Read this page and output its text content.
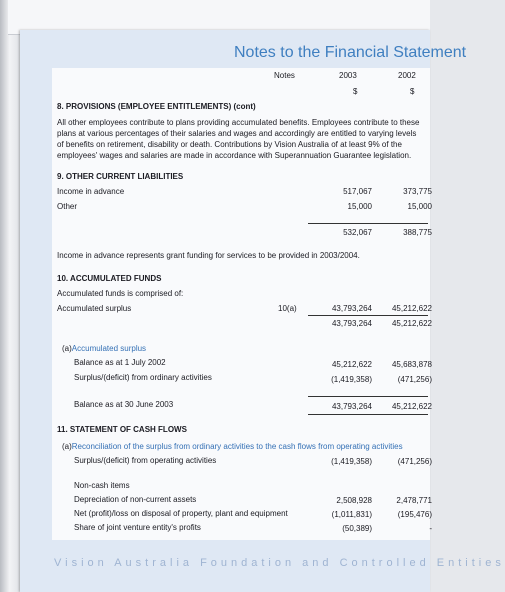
Notes to the Financial Statement
Notes	2003	2002
$	$
8. PROVISIONS (EMPLOYEE ENTITLEMENTS) (cont)
All other employees contribute to plans providing accumulated benefits. Employees contribute to these plans at various percentages of their salaries and wages and accordingly are entitled to varying levels of benefits on retirement, disability or death. Contributions by Vision Australia of at least 9% of the employees' wages and salaries are made in accordance with Superannuation Guarantee legislation.
9. OTHER CURRENT LIABILITIES
Income in advance	517,067	373,775
Other	15,000	15,000
532,067	388,775
Income in advance represents grant funding for services to be provided in 2003/2004.
10. ACCUMULATED FUNDS
Accumulated funds is comprised of:
Accumulated surplus	10(a)	43,793,264	45,212,622
43,793,264	45,212,622
(a)Accumulated surplus
Balance as at 1 July 2002	45,212,622	45,683,878
Surplus/(deficit) from ordinary activities	(1,419,358)	(471,256)
Balance as at 30 June 2003	43,793,264	45,212,622
11. STATEMENT OF CASH FLOWS
(a)Reconciliation of the surplus from ordinary activities to the cash flows from operating activities
Surplus/(deficit) from operating activities	(1,419,358)	(471,256)
Non-cash items
Depreciation of non-current assets	2,508,928	2,478,771
Net (profit)/loss on disposal of property, plant and equipment	(1,011,831)	(195,476)
Share of joint venture entity's profits	(50,389)	-
Vision Australia Foundation and Controlled Entities
